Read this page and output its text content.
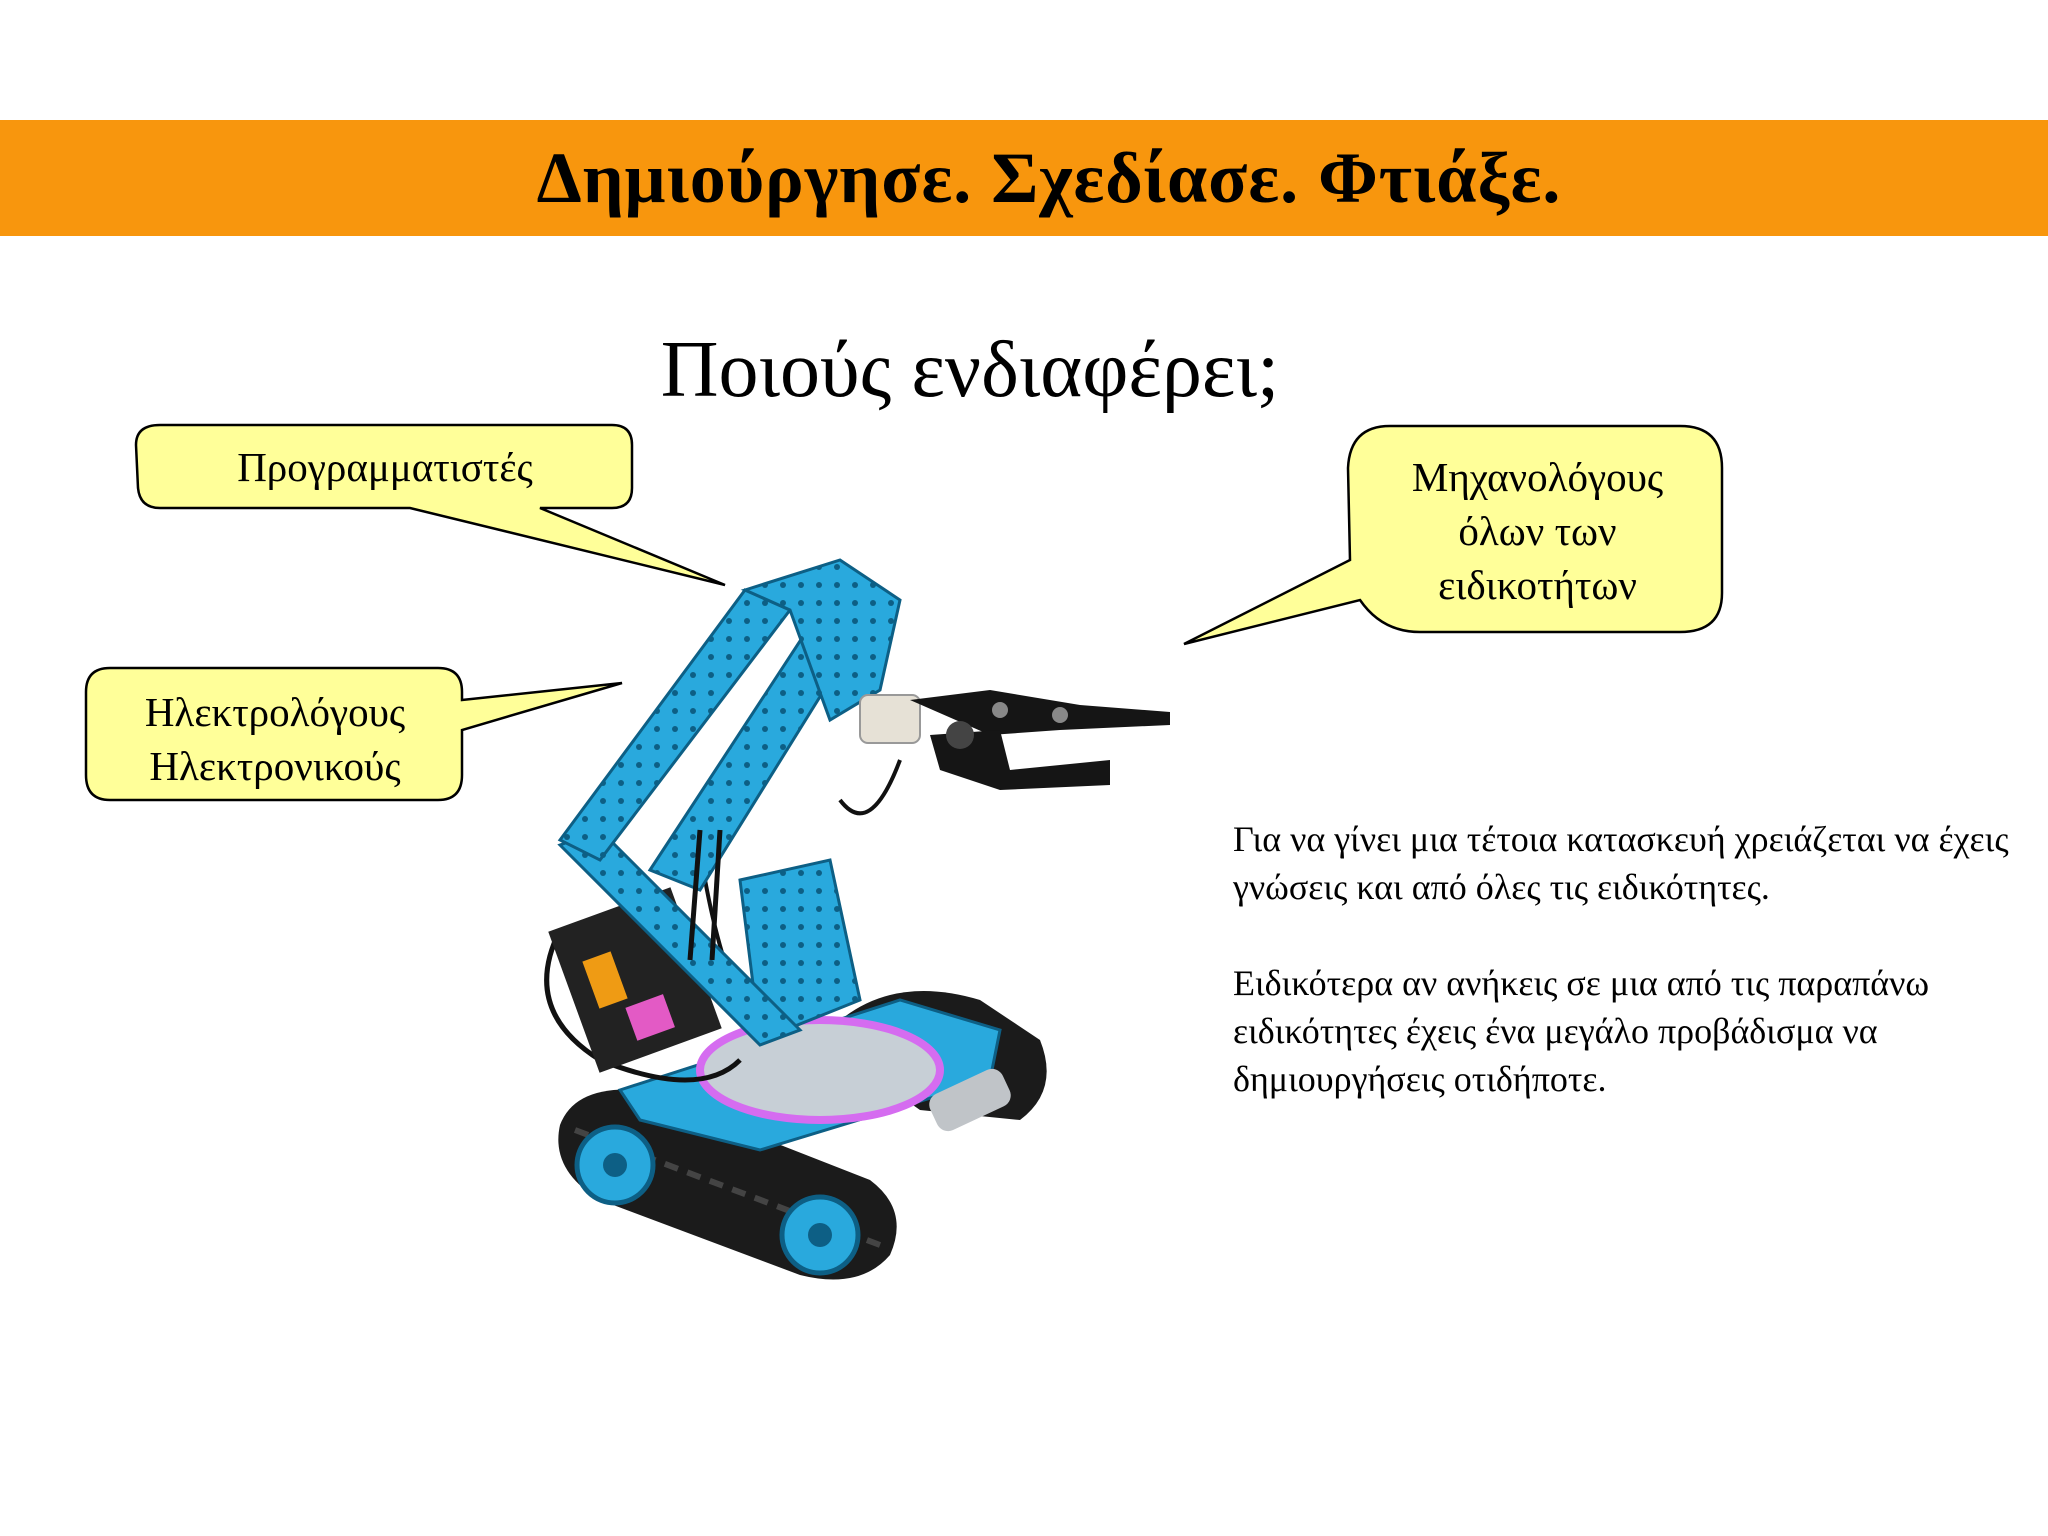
Δημιούργησε. Σχεδίασε. Φτιάξε.
Ποιούς ενδιαφέρει;
Προγραμματιστές	Μηχανολόγους
όλων των
ειδικοτήτων
Ηλεκτρολόγους
Ηλεκτρονικούς

Για να γίνει μια τέτοια κατασκευή χρειάζεται να έχεις γνώσεις και από όλες τις ειδικότητες.

Ειδικότερα αν ανήκεις σε μια από τις παραπάνω ειδικότητες έχεις ένα μεγάλο προβάδισμα να δημιουργήσεις οτιδήποτε.
